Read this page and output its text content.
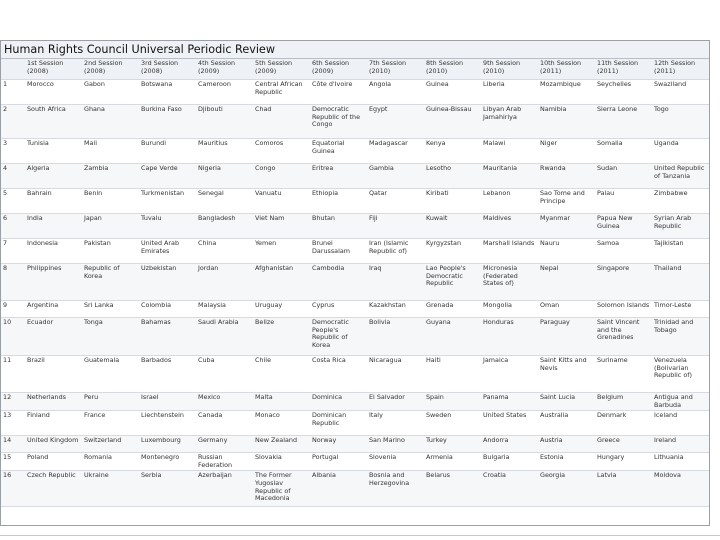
Human Rights Council Universal Periodic Review
	1st Session (2008)	2nd Session (2008)	3rd Session (2008)	4th Session (2009)	5th Session (2009)	6th Session (2009)	7th Session (2010)	8th Session (2010)	9th Session (2010)	10th Session (2011)	11th Session (2011)	12th Session (2011)
1	Morocco	Gabon	Botswana	Cameroon	Central African Republic	Côte d'Ivoire	Angola	Guinea	Liberia	Mozambique	Seychelles	Swaziland
2	South Africa	Ghana	Burkina Faso	Djibouti	Chad	Democratic Republic of the Congo	Egypt	Guinea-Bissau	Libyan Arab Jamahiriya	Namibia	Sierra Leone	Togo
3	Tunisia	Mali	Burundi	Mauritius	Comoros	Equatorial Guinea	Madagascar	Kenya	Malawi	Niger	Somalia	Uganda
4	Algeria	Zambia	Cape Verde	Nigeria	Congo	Eritrea	Gambia	Lesotho	Mauritania	Rwanda	Sudan	United Republic of Tanzania
5	Bahrain	Benin	Turkmenistan	Senegal	Vanuatu	Ethiopia	Qatar	Kiribati	Lebanon	Sao Tome and Principe	Palau	Zimbabwe
6	India	Japan	Tuvalu	Bangladesh	Viet Nam	Bhutan	Fiji	Kuwait	Maldives	Myanmar	Papua New Guinea	Syrian Arab Republic
7	Indonesia	Pakistan	United Arab Emirates	China	Yemen	Brunei Darussalam	Iran (Islamic Republic of)	Kyrgyzstan	Marshall Islands	Nauru	Samoa	Tajikistan
8	Philippines	Republic of Korea	Uzbekistan	Jordan	Afghanistan	Cambodia	Iraq	Lao People's Democratic Republic	Micronesia (Federated States of)	Nepal	Singapore	Thailand
9	Argentina	Sri Lanka	Colombia	Malaysia	Uruguay	Cyprus	Kazakhstan	Grenada	Mongolia	Oman	Solomon Islands	Timor-Leste
10	Ecuador	Tonga	Bahamas	Saudi Arabia	Belize	Democratic People's Republic of Korea	Bolivia	Guyana	Honduras	Paraguay	Saint Vincent and the Grenadines	Trinidad and Tobago
11	Brazil	Guatemala	Barbados	Cuba	Chile	Costa Rica	Nicaragua	Haiti	Jamaica	Saint Kitts and Nevis	Suriname	Venezuela (Bolivarian Republic of)
12	Netherlands	Peru	Israel	Mexico	Malta	Dominica	El Salvador	Spain	Panama	Saint Lucia	Belgium	Antigua and Barbuda
13	Finland	France	Liechtenstein	Canada	Monaco	Dominican Republic	Italy	Sweden	United States	Australia	Denmark	Iceland
14	United Kingdom	Switzerland	Luxembourg	Germany	New Zealand	Norway	San Marino	Turkey	Andorra	Austria	Greece	Ireland
15	Poland	Romania	Montenegro	Russian Federation	Slovakia	Portugal	Slovenia	Armenia	Bulgaria	Estonia	Hungary	Lithuania
16	Czech Republic	Ukraine	Serbia	Azerbaijan	The Former Yugoslav Republic of Macedonia	Albania	Bosnia and Herzegovina	Belarus	Croatia	Georgia	Latvia	Moldova
